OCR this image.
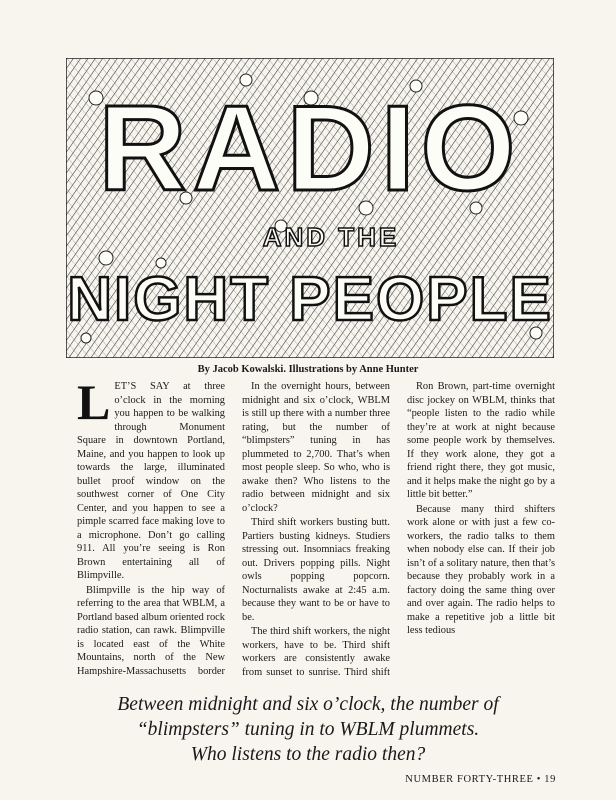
RADIO
AND THE
NIGHT PEOPLE
By Jacob Kowalski. Illustrations by Anne Hunter

LET’S SAY at three o’clock in the morning you happen to be walking through Monument Square in downtown Portland, Maine, and you happen to look up towards the large, illuminated bullet proof window on the southwest corner of One City Center, and you happen to see a pimple scarred face making love to a microphone. Don’t go calling 911. All you’re seeing is Ron Brown entertaining all of Blimpville.

Blimpville is the hip way of referring to the area that WBLM, a Portland based album oriented rock radio station, can rawk. Blimpville is located east of the White Mountains, north of the New Hampshire-Massachusetts border

In the overnight hours, between midnight and six o’clock, WBLM is still up there with a number three rating, but the number of “blimpsters” tuning in has plummeted to 2,700. That’s when most people sleep. So who, who is awake then? Who listens to the radio between midnight and six o’clock?

Third shift workers busting butt. Partiers busting kidneys. Studiers stressing out. Insomniacs freaking out. Drivers popping pills. Night owls popping popcorn. Nocturnalists awake at 2:45 a.m. because they want to be or have to be.

The third shift workers, the night workers, have to be. Third shift workers are consistently awake from sunset to sunrise. Third shift

Ron Brown, part-time overnight disc jockey on WBLM, thinks that “people listen to the radio while they’re at work at night because some people work by themselves. If they work alone, they got a friend right there, they got music, and it helps make the night go by a little bit better.”

Because many third shifters work alone or with just a few co-workers, the radio talks to them when nobody else can. If their job isn’t of a solitary nature, then that’s because they probably work in a factory doing the same thing over and over again. The radio helps to make a repetitive job a little bit less tedious

Between midnight and six o’clock, the number of
“blimpsters” tuning in to WBLM plummets.
Who listens to the radio then?
NUMBER FORTY-THREE • 19
